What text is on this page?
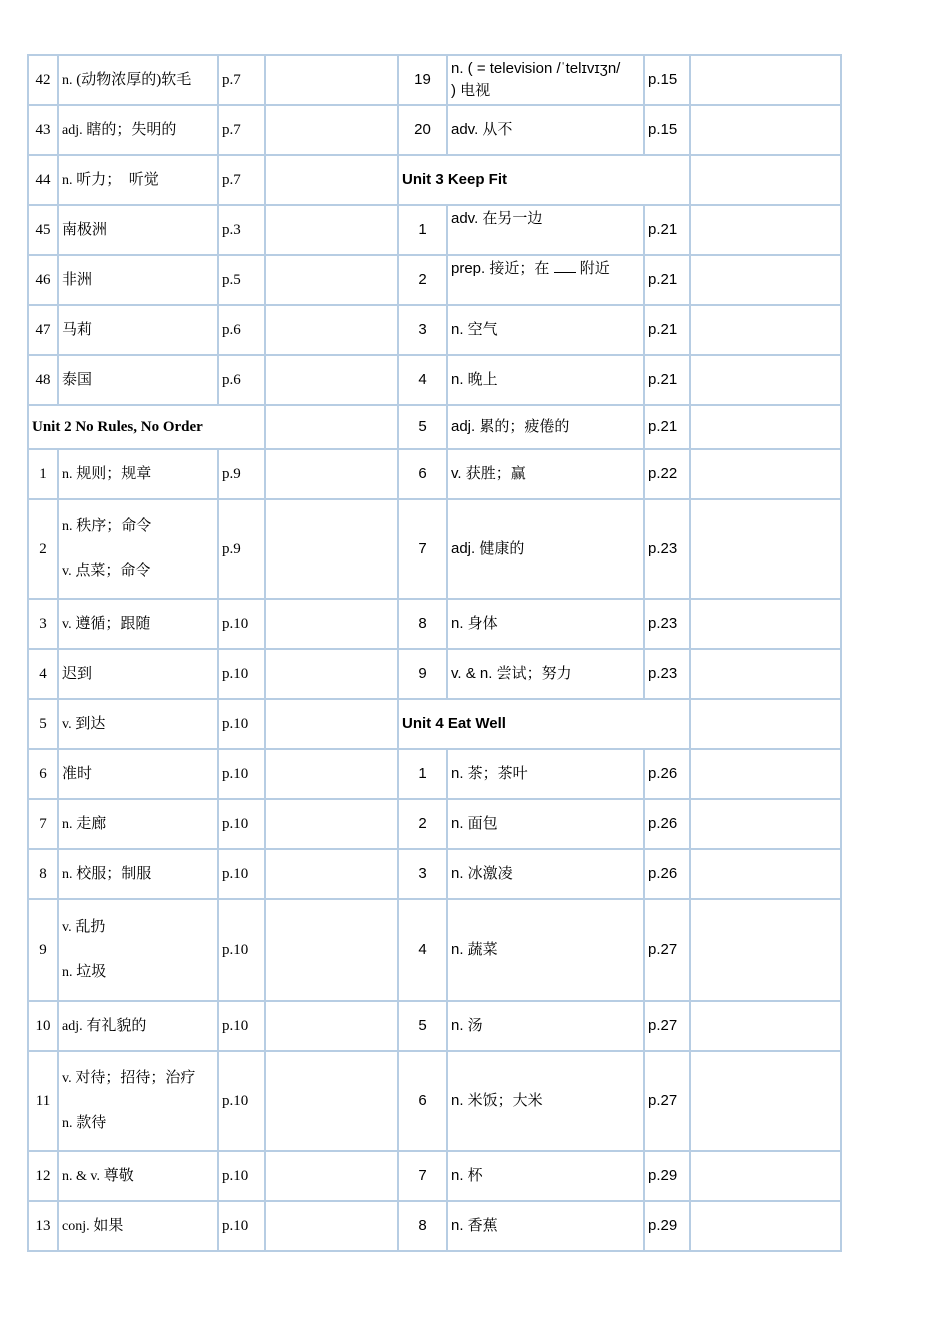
42	n. (动物浓厚的)软毛	p.7		19	n. ( = television /ˈtelɪvɪʒn/
) 电视	p.15	
43	adj. 瞎的；失明的	p.7		20	adv. 从不	p.15	
44	n. 听力；　听觉	p.7		Unit 3 Keep Fit			
45	南极洲	p.3		1	adv. 在另一边	p.21	
46	非洲	p.5		2	prep. 接近；在 附近	p.21	
47	马莉	p.6		3	n. 空气	p.21	
48	泰国	p.6		4	n. 晚上	p.21	
Unit 2 No Rules, No Order				5	adj. 累的；疲倦的	p.21	
1	n. 规则；规章	p.9		6	v. 获胜；赢	p.22	
2	n. 秩序；命令
v. 点菜；命令	p.9		7	adj. 健康的	p.23	
3	v. 遵循；跟随	p.10		8	n. 身体	p.23	
4	迟到	p.10		9	v. & n. 尝试；努力	p.23	
5	v. 到达	p.10		Unit 4 Eat Well			
6	准时	p.10		1	n. 茶；茶叶	p.26	
7	n. 走廊	p.10		2	n. 面包	p.26	
8	n. 校服；制服	p.10		3	n. 冰激凌	p.26	
9	v. 乱扔
n. 垃圾	p.10		4	n. 蔬菜	p.27	
10	adj. 有礼貌的	p.10		5	n. 汤	p.27	
11	v. 对待；招待；治疗
n. 款待	p.10		6	n. 米饭；大米	p.27	
12	n. & v. 尊敬	p.10		7	n. 杯	p.29	
13	conj. 如果	p.10		8	n. 香蕉	p.29	
